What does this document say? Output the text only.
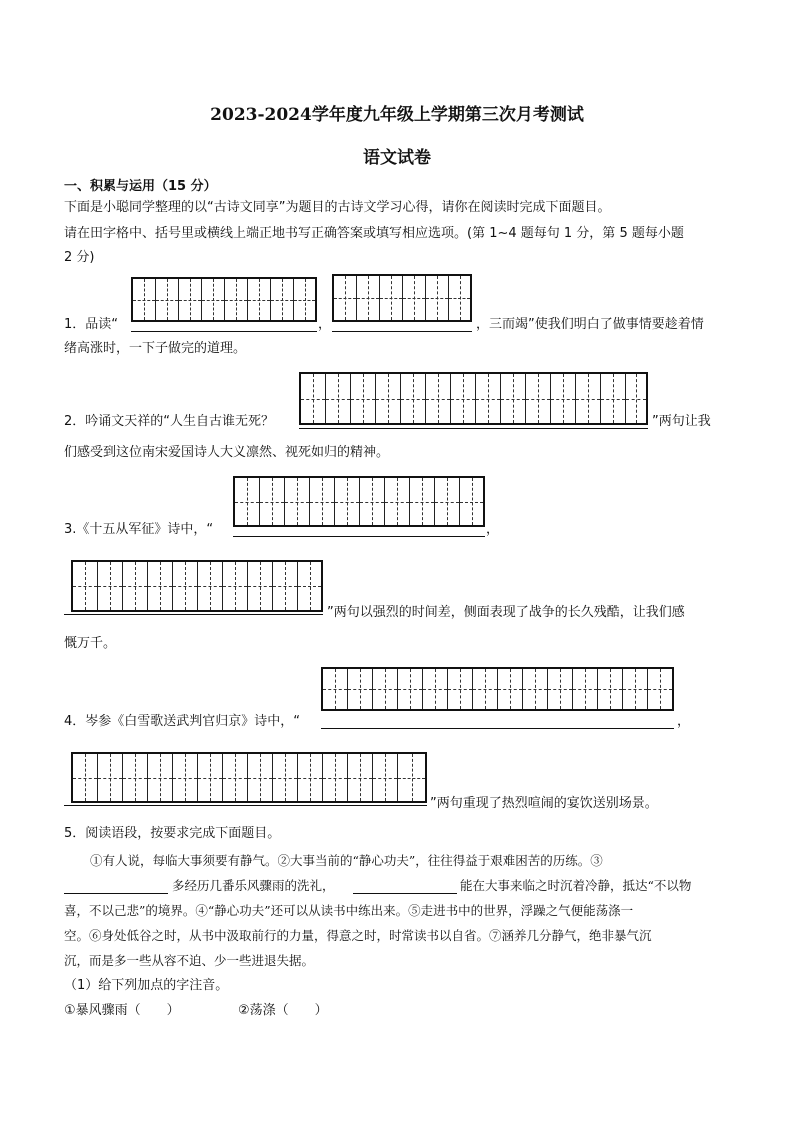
2023-2024学年度九年级上学期第三次月考测试
语文试卷
一、积累与运用（15 分）
下面是小聪同学整理的以“古诗文同享”为题目的古诗文学习心得，请你在阅读时完成下面题目。
请在田字格中、括号里或横线上端正地书写正确答案或填写相应选项。(第 1~4 题每句 1 分，第 5 题每小题
2 分)
1．品读“	，	，三而竭”使我们明白了做事情要趁着情
绪高涨时，一下子做完的道理。
2．吟诵文天祥的“人生自古谁无死？	”两句让我
们感受到这位南宋爱国诗人大义凛然、视死如归的精神。
3.《十五从军征》诗中，“	，
”两句以强烈的时间差，侧面表现了战争的长久残酷，让我们感
慨万千。
4．岑参《白雪歌送武判官归京》诗中，“	，
”两句重现了热烈喧闹的宴饮送别场景。
5．阅读语段，按要求完成下面题目。
①有人说，每临大事须要有静气。②大事当前的“静心功夫”，往往得益于艰难困苦的历练。③
多经历几番乐风骤雨的洗礼，	能在大事来临之时沉着冷静，抵达“不以物
喜，不以己悲”的境界。④“静心功夫”还可以从读书中练出来。⑤走进书中的世界，浮躁之气便能荡涤一
空。⑥身处低谷之时，从书中汲取前行的力量，得意之时，时常读书以自省。⑦涵养几分静气，绝非暴气沉
沉，而是多一些从容不迫、少一些进退失据。
（1）给下列加点的字注音。
①暴风骤雨（　　）	②荡涤（　　）
